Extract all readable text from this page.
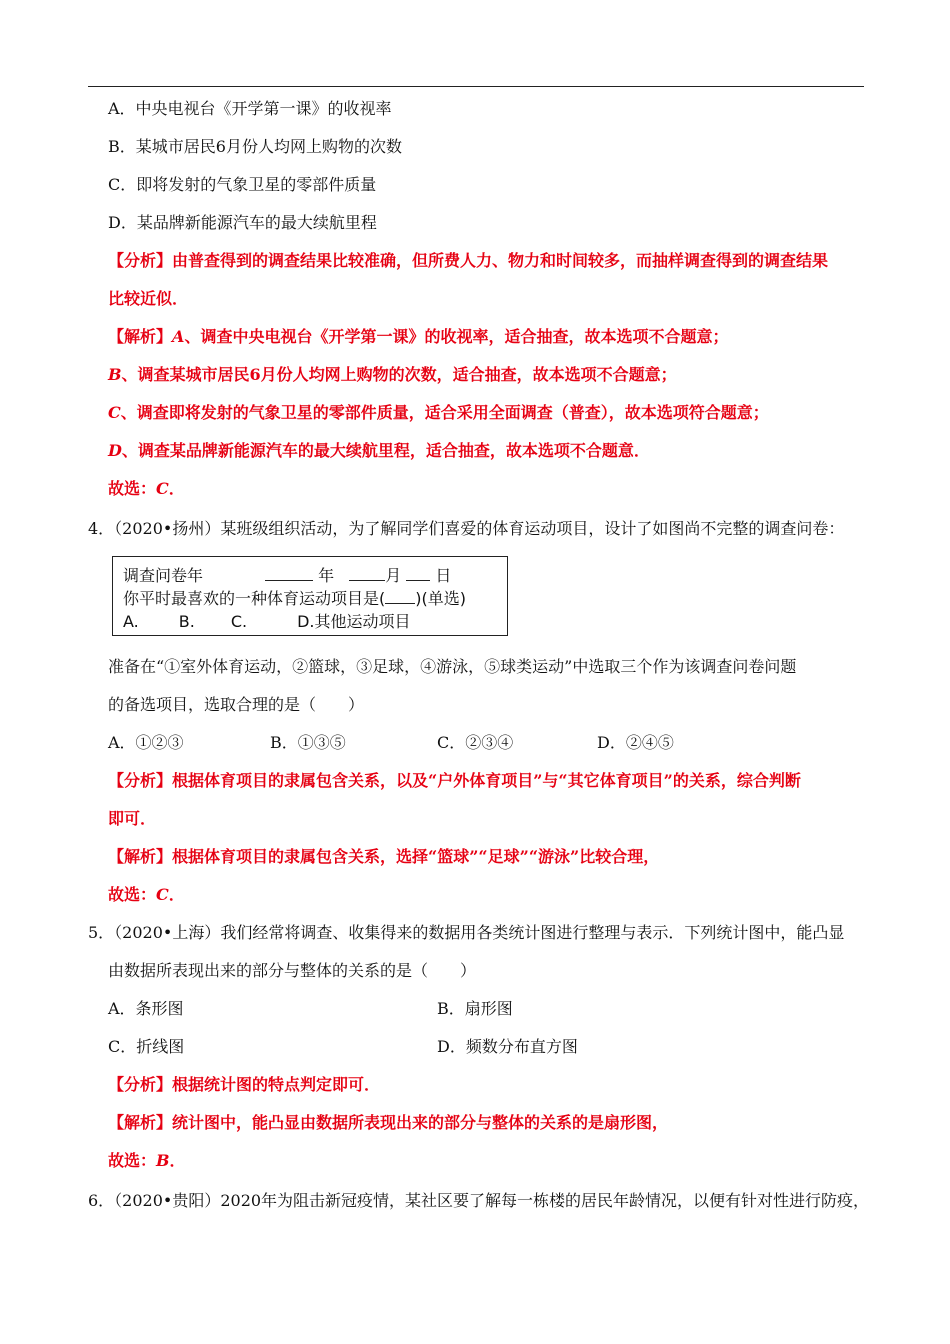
A．中央电视台《开学第一课》的收视率
B．某城市居民6月份人均网上购物的次数
C．即将发射的气象卫星的零部件质量
D．某品牌新能源汽车的最大续航里程
【分析】由普查得到的调查结果比较准确，但所费人力、物力和时间较多，而抽样调查得到的调查结果
比较近似．
【解析】A、调查中央电视台《开学第一课》的收视率，适合抽查，故本选项不合题意；
B、调查某城市居民6月份人均网上购物的次数，适合抽查，故本选项不合题意；
C、调查即将发射的气象卫星的零部件质量，适合采用全面调查（普查），故本选项符合题意；
D、调查某品牌新能源汽车的最大续航里程，适合抽查，故本选项不合题意．
故选：C．
4．（2020•扬州）某班级组织活动，为了解同学们喜爱的体育运动项目，设计了如图尚不完整的调查问卷：
调查问卷年	年	月 日
你平时最喜欢的一种体育运动项目是( )(单选)
A.	B. C.	D.其他运动项目
准备在“①室外体育运动，②篮球，③足球，④游泳，⑤球类运动”中选取三个作为该调查问卷问题
的备选项目，选取合理的是（　　）
A．①②③	B．①③⑤	C．②③④	D．②④⑤
【分析】根据体育项目的隶属包含关系，以及“户外体育项目”与“其它体育项目”的关系，综合判断
即可．
【解析】根据体育项目的隶属包含关系，选择“篮球”“足球”“游泳”比较合理，
故选：C．
5．（2020•上海）我们经常将调查、收集得来的数据用各类统计图进行整理与表示．下列统计图中，能凸显
由数据所表现出来的部分与整体的关系的是（　　）
A．条形图	B．扇形图
C．折线图	D．频数分布直方图
【分析】根据统计图的特点判定即可．
【解析】统计图中，能凸显由数据所表现出来的部分与整体的关系的是扇形图，
故选：B．
6．（2020•贵阳）2020年为阻击新冠疫情，某社区要了解每一栋楼的居民年龄情况，以便有针对性进行防疫，
